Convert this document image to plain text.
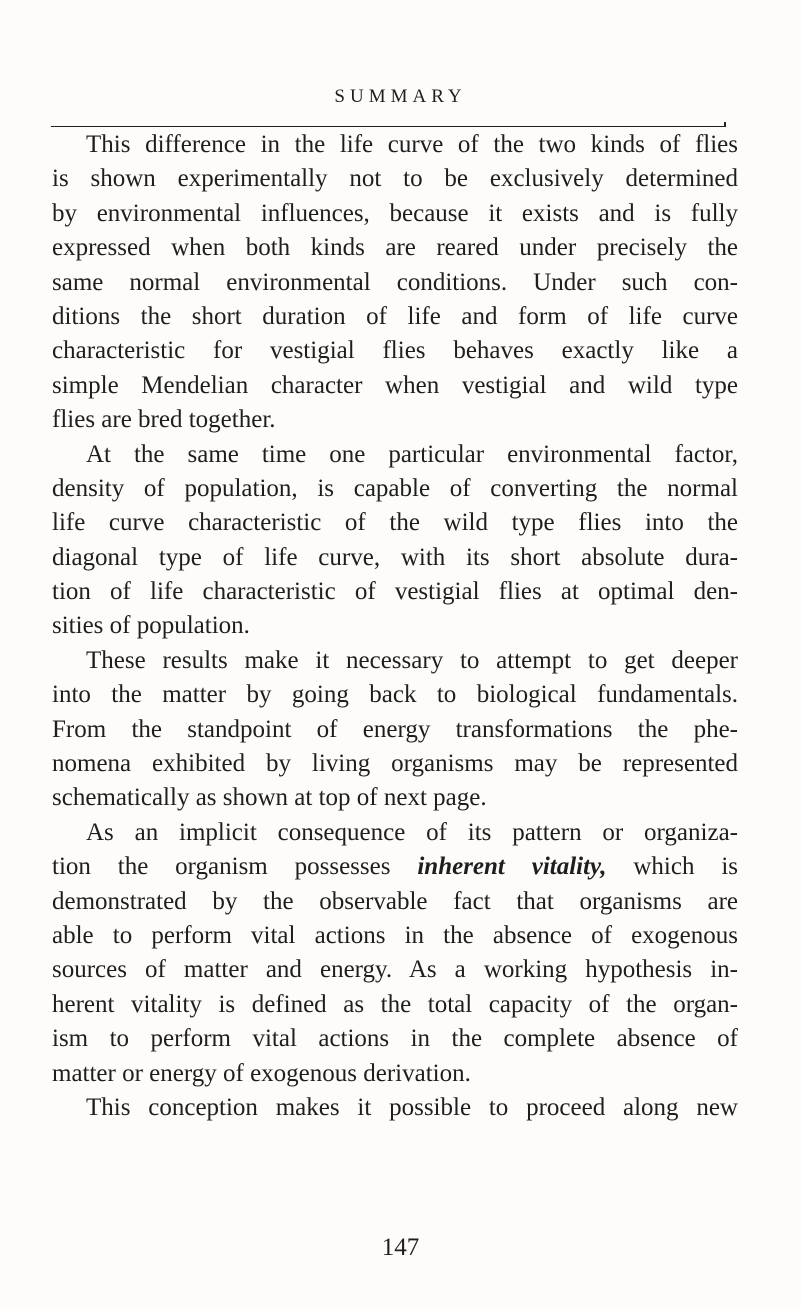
SUMMARY
This difference in the life curve of the two kinds of flies
is shown experimentally not to be exclusively determined
by environmental influences, because it exists and is fully
expressed when both kinds are reared under precisely the
same normal environmental conditions. Under such con-
ditions the short duration of life and form of life curve
characteristic for vestigial flies behaves exactly like a
simple Mendelian character when vestigial and wild type
flies are bred together.
At the same time one particular environmental factor,
density of population, is capable of converting the normal
life curve characteristic of the wild type flies into the
diagonal type of life curve, with its short absolute dura-
tion of life characteristic of vestigial flies at optimal den-
sities of population.
These results make it necessary to attempt to get deeper
into the matter by going back to biological fundamentals.
From the standpoint of energy transformations the phe-
nomena exhibited by living organisms may be represented
schematically as shown at top of next page.
As an implicit consequence of its pattern or organiza-
tion the organism possesses inherent vitality, which is
demonstrated by the observable fact that organisms are
able to perform vital actions in the absence of exogenous
sources of matter and energy. As a working hypothesis in-
herent vitality is defined as the total capacity of the organ-
ism to perform vital actions in the complete absence of
matter or energy of exogenous derivation.
This conception makes it possible to proceed along new
147
